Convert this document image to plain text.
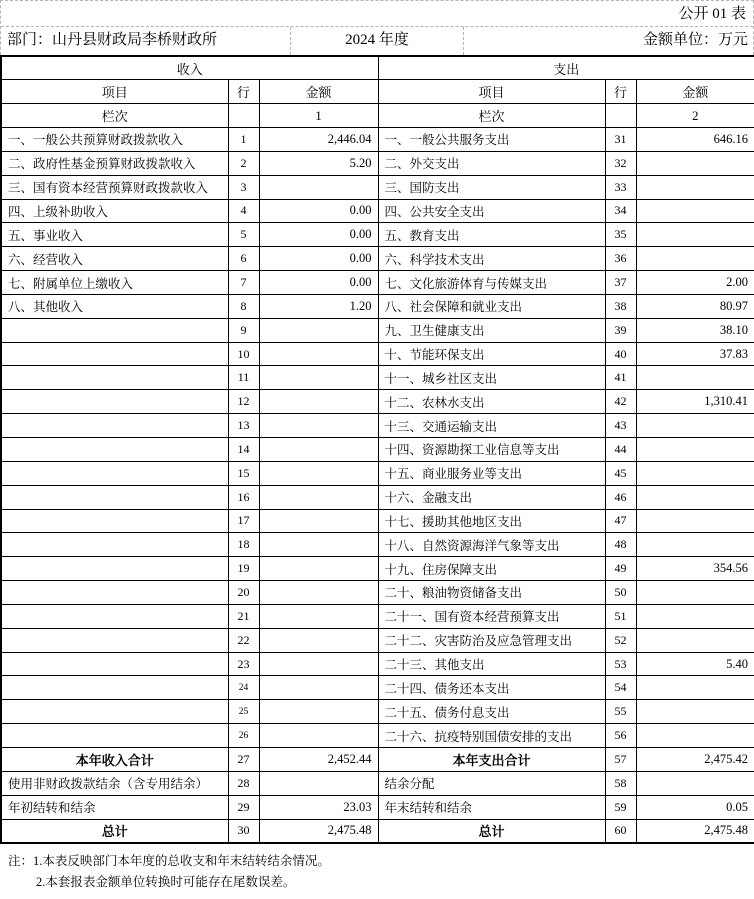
公开 01 表
部门：山丹县财政局李桥财政所	2024 年度	金额单位：万元
收入			支出		
项目	行	金额	项目	行	金额
栏次		1	栏次		2
一、一般公共预算财政拨款收入	1	2,446.04	一、一般公共服务支出	31	646.16
二、政府性基金预算财政拨款收入	2	5.20	二、外交支出	32	
三、国有资本经营预算财政拨款收入	3		三、国防支出	33	
四、上级补助收入	4	0.00	四、公共安全支出	34	
五、事业收入	5	0.00	五、教育支出	35	
六、经营收入	6	0.00	六、科学技术支出	36	
七、附属单位上缴收入	7	0.00	七、文化旅游体育与传媒支出	37	2.00
八、其他收入	8	1.20	八、社会保障和就业支出	38	80.97
	9		九、卫生健康支出	39	38.10
	10		十、节能环保支出	40	37.83
	11		十一、城乡社区支出	41	
	12		十二、农林水支出	42	1,310.41
	13		十三、交通运输支出	43	
	14		十四、资源勘探工业信息等支出	44	
	15		十五、商业服务业等支出	45	
	16		十六、金融支出	46	
	17		十七、援助其他地区支出	47	
	18		十八、自然资源海洋气象等支出	48	
	19		十九、住房保障支出	49	354.56
	20		二十、粮油物资储备支出	50	
	21		二十一、国有资本经营预算支出	51	
	22		二十二、灾害防治及应急管理支出	52	
	23		二十三、其他支出	53	5.40
	24		二十四、债务还本支出	54	
	25		二十五、债务付息支出	55	
	26		二十六、抗疫特别国债安排的支出	56	
本年收入合计	27	2,452.44	本年支出合计	57	2,475.42
使用非财政拨款结余（含专用结余）	28		结余分配	58	
年初结转和结余	29	23.03	年末结转和结余	59	0.05
总计	30	2,475.48	总计	60	2,475.48
注：1.本表反映部门本年度的总收支和年末结转结余情况。
2.本套报表金额单位转换时可能存在尾数误差。
